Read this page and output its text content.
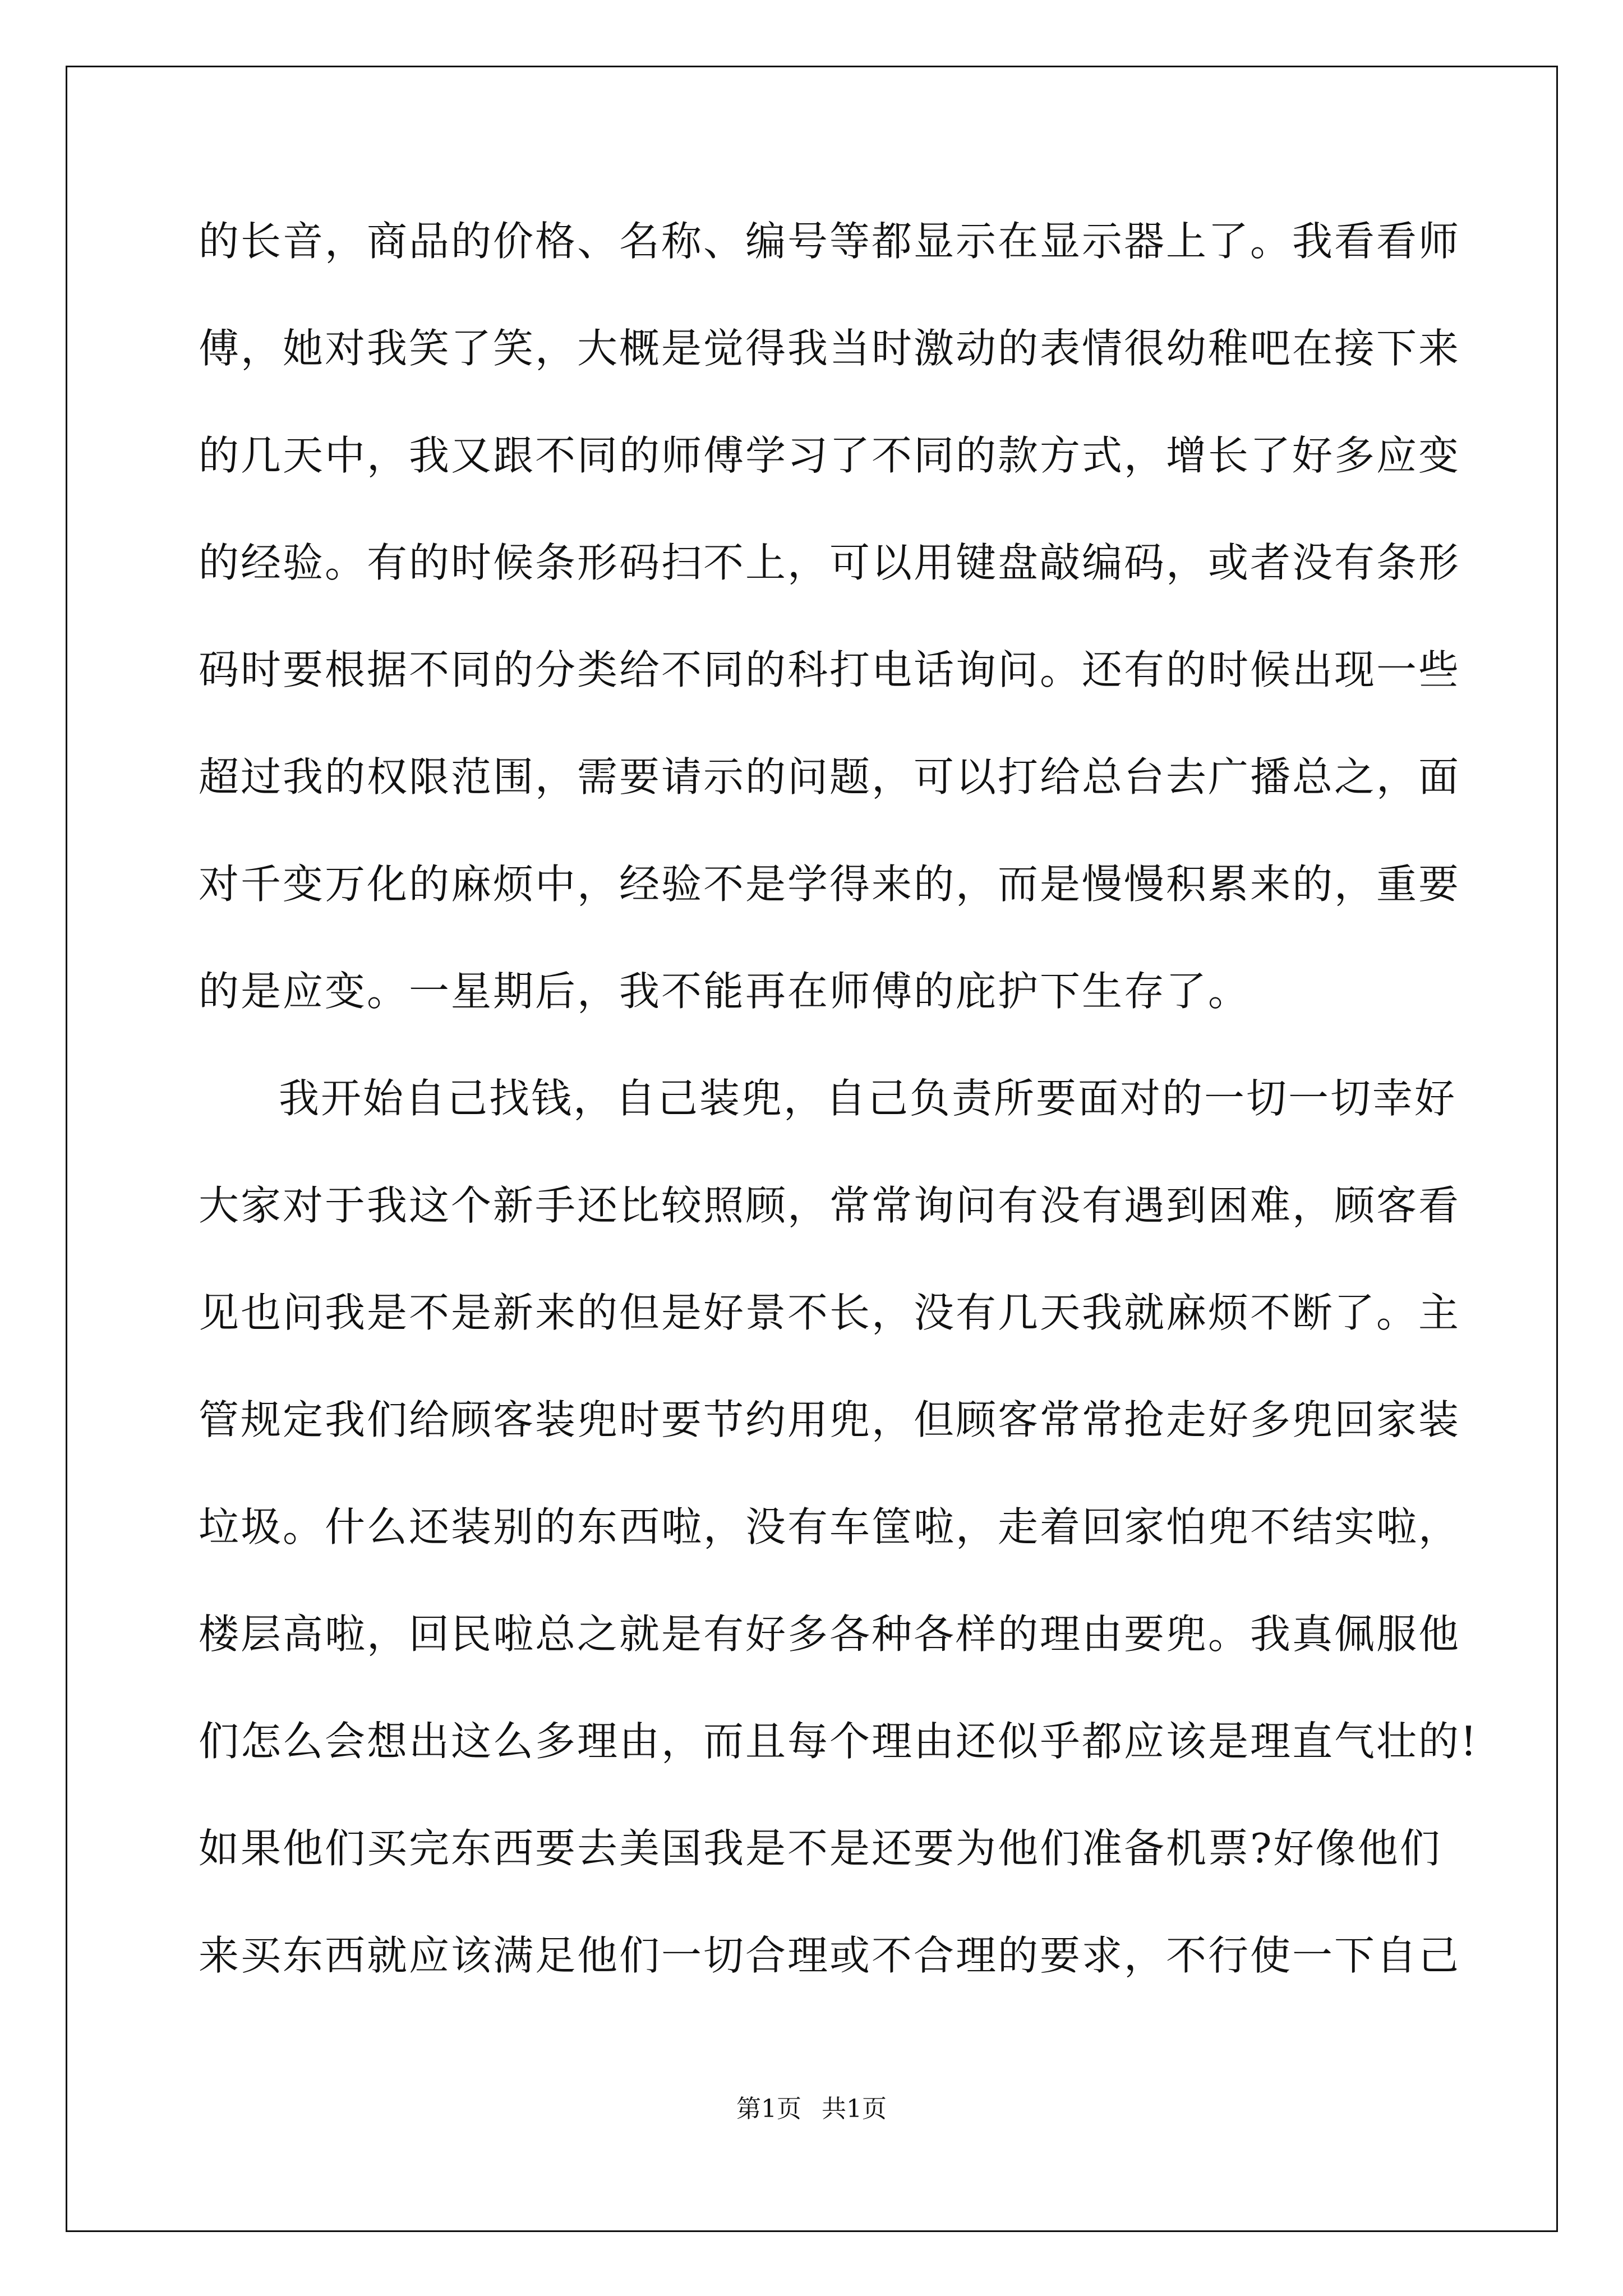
的长音，商品的价格、名称、编号等都显示在显示器上了。我看看师

傅，她对我笑了笑，大概是觉得我当时激动的表情很幼稚吧在接下来

的几天中，我又跟不同的师傅学习了不同的款方式，增长了好多应变

的经验。有的时候条形码扫不上，可以用键盘敲编码，或者没有条形

码时要根据不同的分类给不同的科打电话询问。还有的时候出现一些

超过我的权限范围，需要请示的问题，可以打给总台去广播总之，面

对千变万化的麻烦中，经验不是学得来的，而是慢慢积累来的，重要

的是应变。一星期后，我不能再在师傅的庇护下生存了。

我开始自己找钱，自己装兜，自己负责所要面对的一切一切幸好

大家对于我这个新手还比较照顾，常常询问有没有遇到困难，顾客看

见也问我是不是新来的但是好景不长，没有几天我就麻烦不断了。主

管规定我们给顾客装兜时要节约用兜，但顾客常常抢走好多兜回家装

垃圾。什么还装别的东西啦，没有车筐啦，走着回家怕兜不结实啦，

楼层高啦，回民啦总之就是有好多各种各样的理由要兜。我真佩服他

们怎么会想出这么多理由，而且每个理由还似乎都应该是理直气壮的!

如果他们买完东西要去美国我是不是还要为他们准备机票?好像他们

来买东西就应该满足他们一切合理或不合理的要求，不行使一下自己

第1页 共1页
